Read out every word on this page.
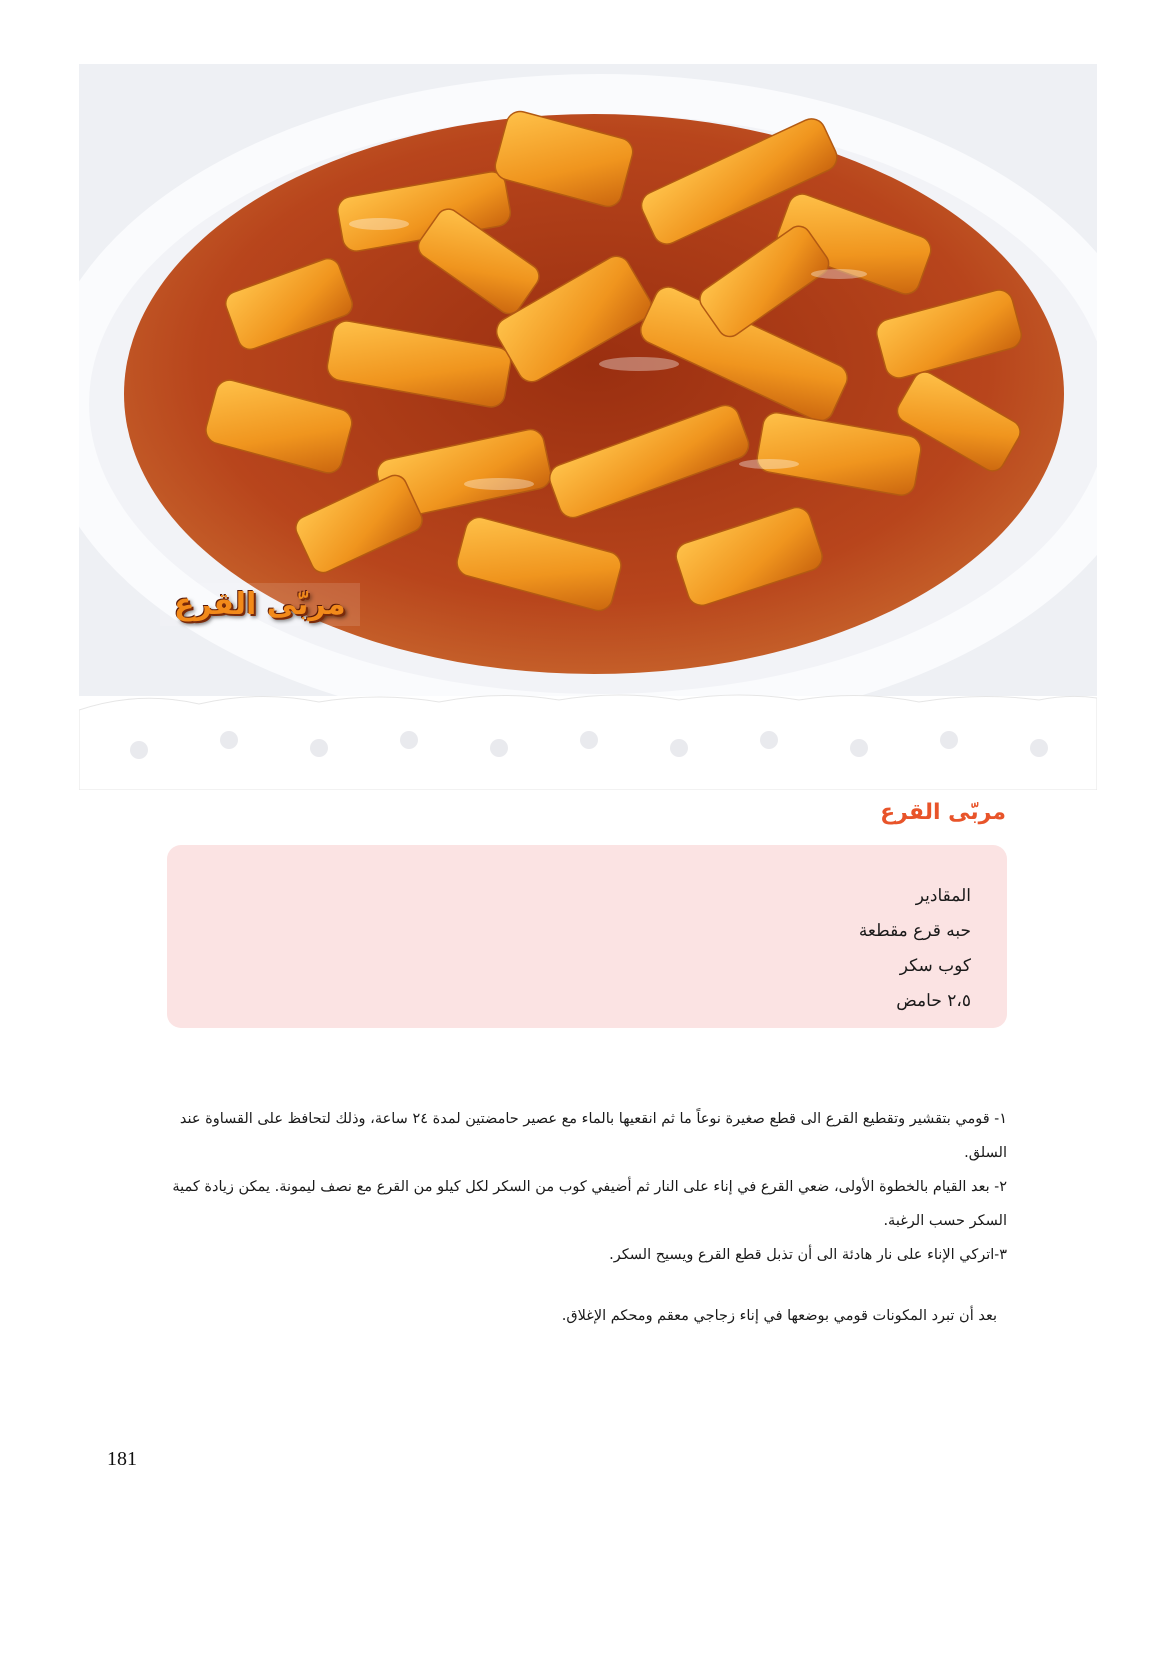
مربّى القرع
مربّى القرع
المقادير
حبه قرع مقطعة
كوب سكر
٢،٥ حامض
١- قومي بتقشير وتقطيع القرع الى قطع صغيرة نوعاً ما ثم انقعيها بالماء مع عصير حامضتين لمدة ٢٤ ساعة، وذلك لتحافظ على القساوة عند السلق.
٢- بعد القيام بالخطوة الأولى، ضعي القرع في إناء على النار ثم أضيفي كوب من السكر لكل كيلو من القرع مع نصف ليمونة. يمكن زيادة كمية السكر حسب الرغبة.
٣-اتركي الإناء على نار هادئة الى أن تذبل قطع القرع ويسيح السكر.
بعد أن تبرد المكونات قومي بوضعها في إناء زجاجي معقم ومحكم الإغلاق.
181
